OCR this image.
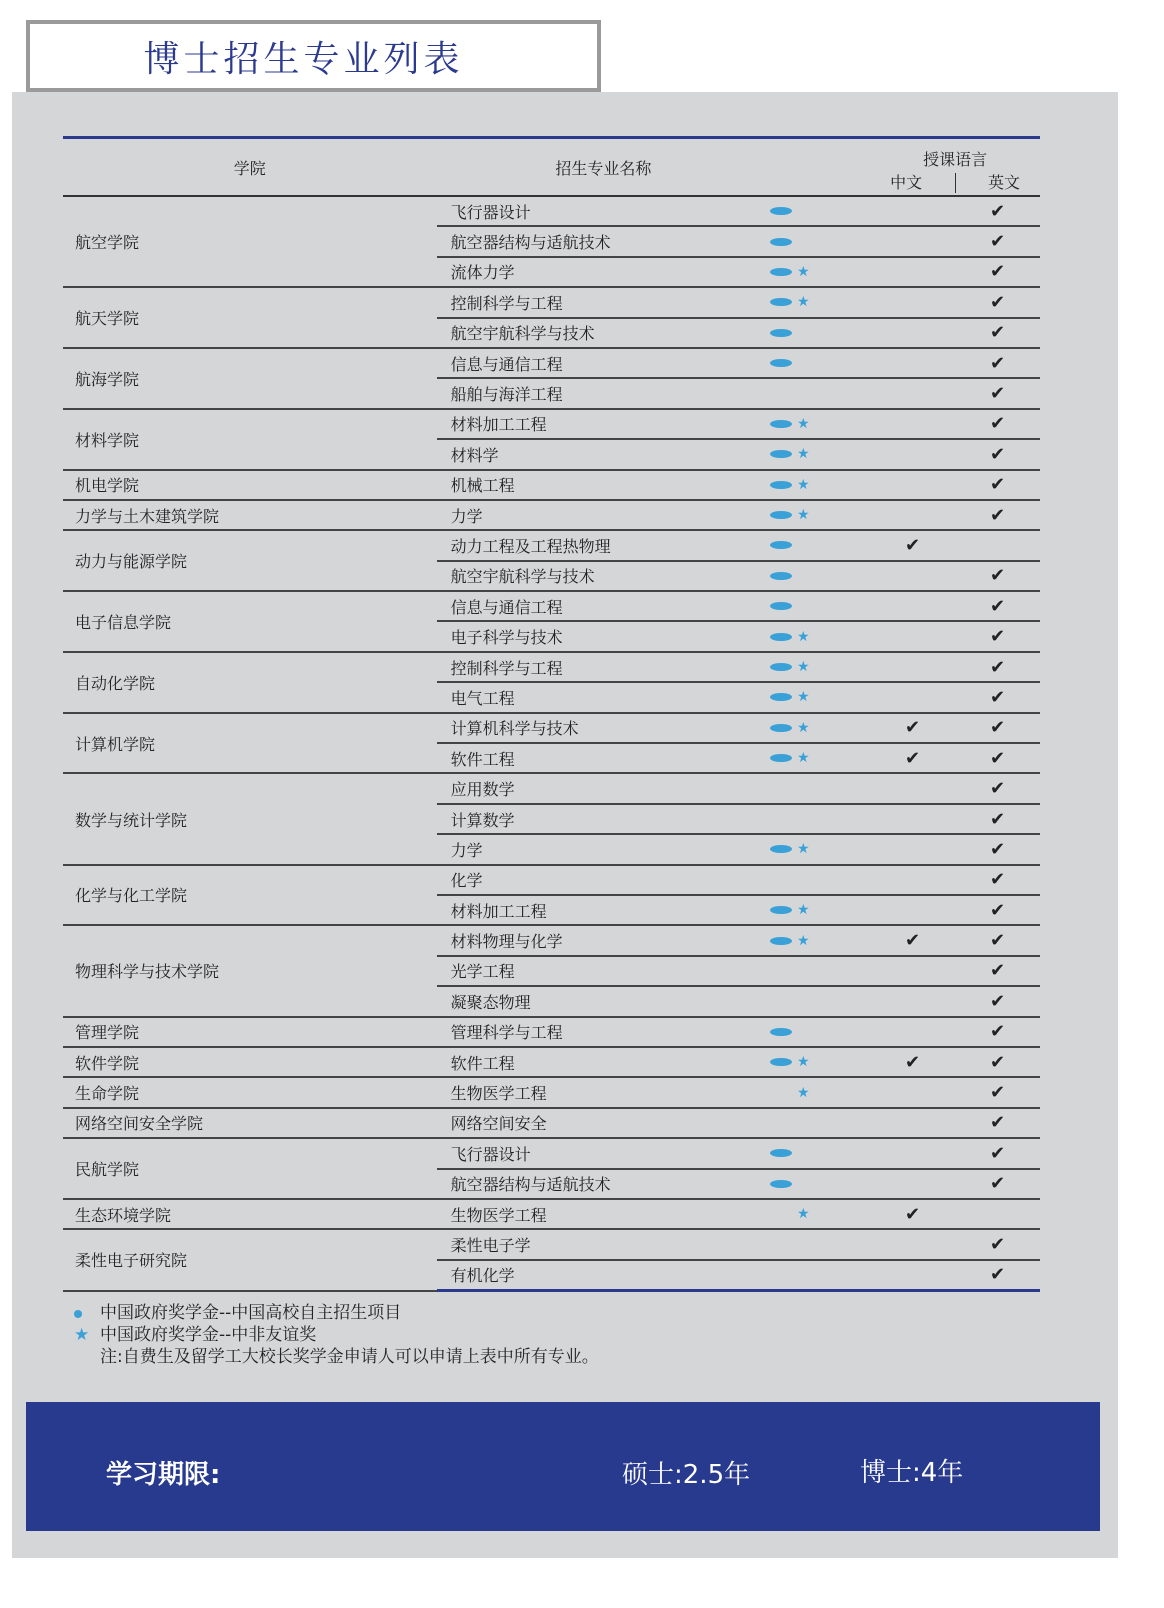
博士招生专业列表
学院	招生专业名称		授课语言
中文 英文	

航空学院	飞行器设计			✔
	航空器结构与适航技术			✔
	流体力学	★		✔
航天学院	控制科学与工程	★		✔
	航空宇航科学与技术			✔
航海学院	信息与通信工程			✔
	船舶与海洋工程			✔
材料学院	材料加工工程	★		✔
	材料学	★		✔
机电学院	机械工程	★		✔
力学与土木建筑学院	力学	★		✔
动力与能源学院	动力工程及工程热物理		✔	
	航空宇航科学与技术			✔
电子信息学院	信息与通信工程			✔
	电子科学与技术	★		✔
自动化学院	控制科学与工程	★		✔
	电气工程	★		✔
计算机学院	计算机科学与技术	★	✔	✔
	软件工程	★	✔	✔
数学与统计学院	应用数学			✔
	计算数学			✔
	力学	★		✔
化学与化工学院	化学			✔
	材料加工工程	★		✔
物理科学与技术学院	材料物理与化学	★	✔	✔
	光学工程			✔
	凝聚态物理			✔
管理学院	管理科学与工程			✔
软件学院	软件工程	★	✔	✔
生命学院	生物医学工程	★		✔
网络空间安全学院	网络空间安全			✔
民航学院	飞行器设计			✔
	航空器结构与适航技术			✔
生态环境学院	生物医学工程	★	✔	
柔性电子研究院	柔性电子学			✔
	有机化学			✔
中国政府奖学金--中国高校自主招生项目
★ 中国政府奖学金--中非友谊奖
注:自费生及留学工大校长奖学金申请人可以申请上表中所有专业。
学习期限:	硕士:2.5年	博士:4年
